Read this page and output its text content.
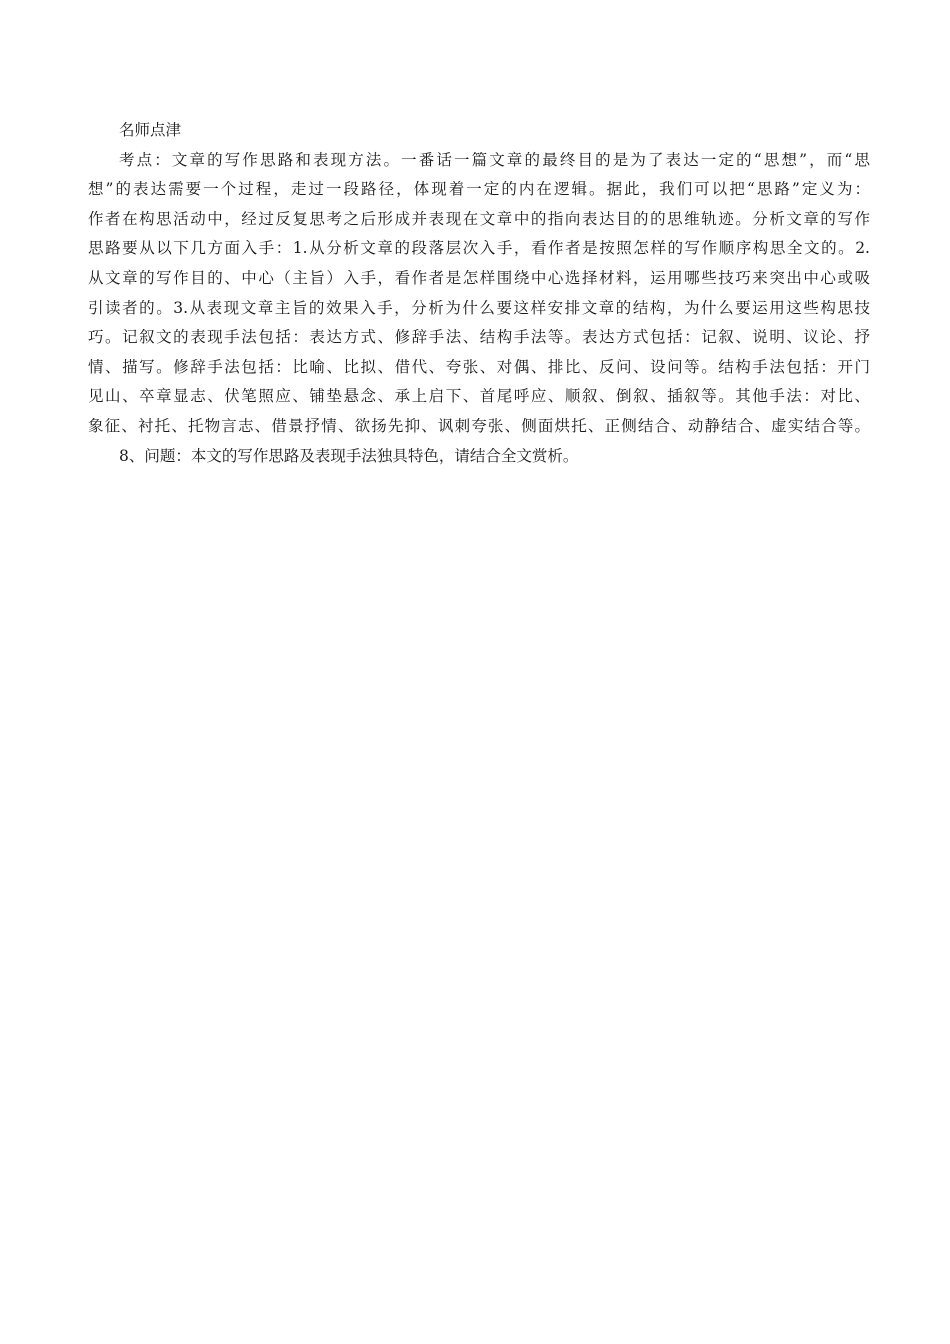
名师点津
考点：文章的写作思路和表现方法。一番话一篇文章的最终目的是为了表达一定的“思想”，而“思
想”的表达需要一个过程，走过一段路径，体现着一定的内在逻辑。据此，我们可以把“思路”定义为：
作者在构思活动中，经过反复思考之后形成并表现在文章中的指向表达目的的思维轨迹。分析文章的写作
思路要从以下几方面入手：1.从分析文章的段落层次入手，看作者是按照怎样的写作顺序构思全文的。2.
从文章的写作目的、中心（主旨）入手，看作者是怎样围绕中心选择材料，运用哪些技巧来突出中心或吸
引读者的。3.从表现文章主旨的效果入手，分析为什么要这样安排文章的结构，为什么要运用这些构思技
巧。记叙文的表现手法包括：表达方式、修辞手法、结构手法等。表达方式包括：记叙、说明、议论、抒
情、描写。修辞手法包括：比喻、比拟、借代、夸张、对偶、排比、反问、设问等。结构手法包括：开门
见山、卒章显志、伏笔照应、铺垫悬念、承上启下、首尾呼应、顺叙、倒叙、插叙等。其他手法：对比、
象征、衬托、托物言志、借景抒情、欲扬先抑、讽刺夸张、侧面烘托、正侧结合、动静结合、虚实结合等。
8、问题：本文的写作思路及表现手法独具特色，请结合全文赏析。
